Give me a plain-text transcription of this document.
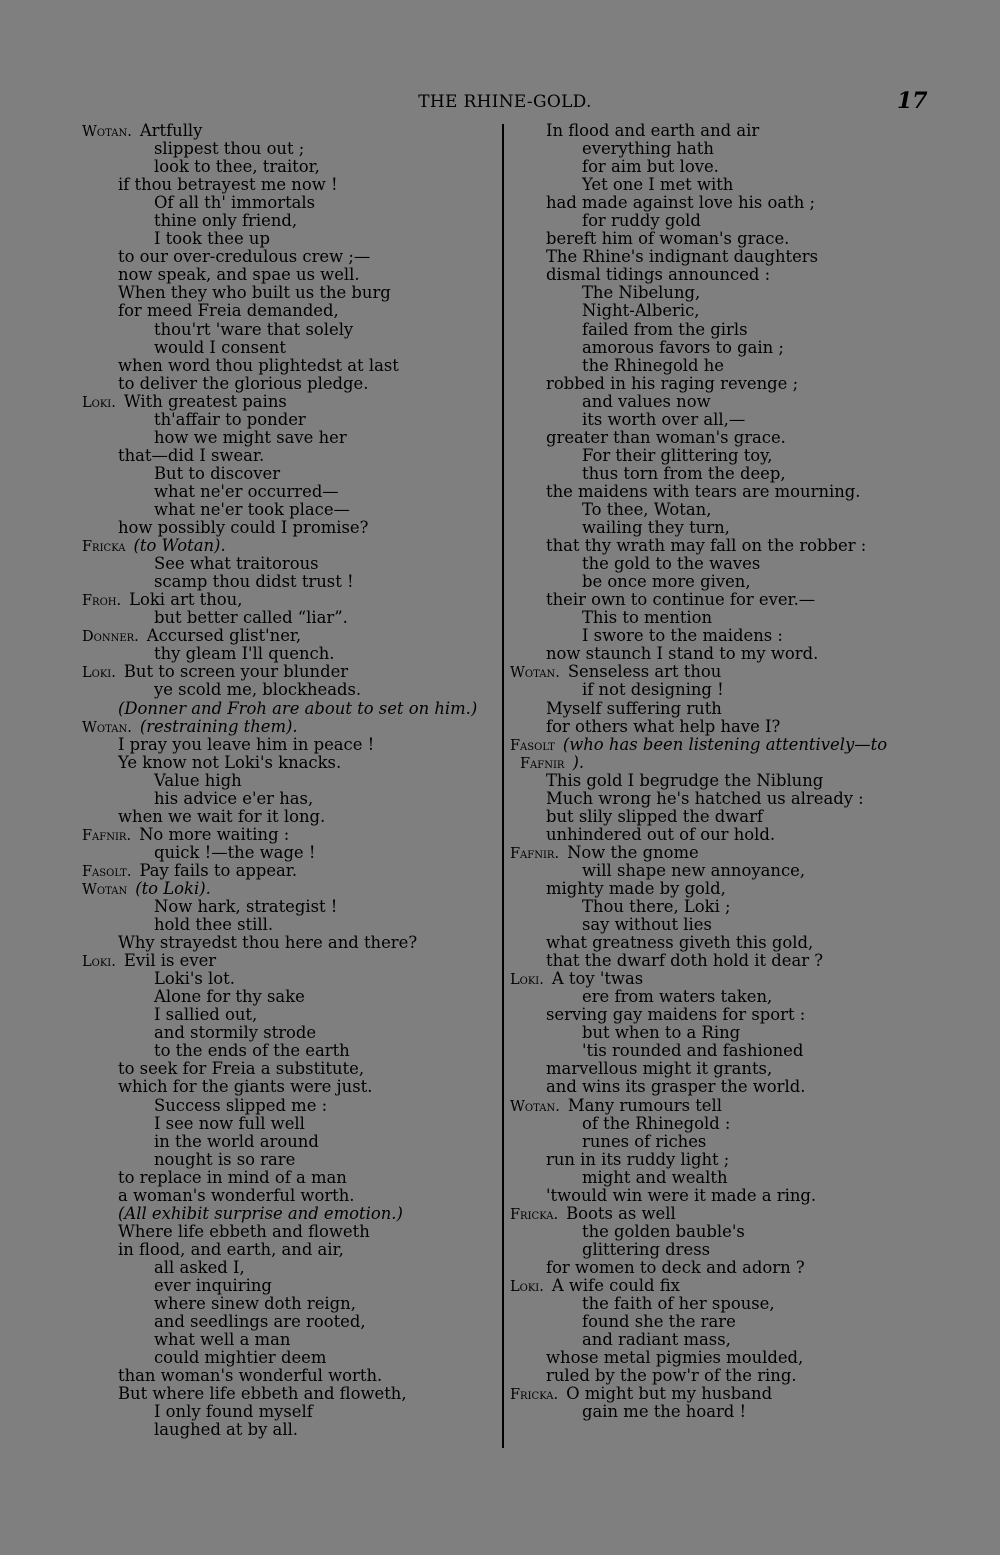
THE RHINE-GOLD.	17
Wotan. Artfully
slippest thou out ;
look to thee, traitor,
if thou betrayest me now !
Of all th' immortals
thine only friend,
I took thee up
to our over-credulous crew ;—
now speak, and spae us well.
When they who built us the burg
for meed Freia demanded,
thou'rt 'ware that solely
would I consent
when word thou plightedst at last
to deliver the glorious pledge.
Loki. With greatest pains
th'affair to ponder
how we might save her
that—did I swear.
But to discover
what ne'er occurred—
what ne'er took place—
how possibly could I promise?
Fricka (to Wotan).
See what traitorous
scamp thou didst trust !
Froh. Loki art thou,
but better called “liar”.
Donner. Accursed glist'ner,
thy gleam I'll quench.
Loki. But to screen your blunder
ye scold me, blockheads.
(Donner and Froh are about to set on him.)
Wotan. (restraining them).
I pray you leave him in peace !
Ye know not Loki's knacks.
Value high
his advice e'er has,
when we wait for it long.
Fafnir. No more waiting :
quick !—the wage !
Fasolt. Pay fails to appear.
Wotan (to Loki).
Now hark, strategist !
hold thee still.
Why strayedst thou here and there?
Loki. Evil is ever
Loki's lot.
Alone for thy sake
I sallied out,
and stormily strode
to the ends of the earth
to seek for Freia a substitute,
which for the giants were just.
Success slipped me :
I see now full well
in the world around
nought is so rare
to replace in mind of a man
a woman's wonderful worth.
(All exhibit surprise and emotion.)
Where life ebbeth and floweth
in flood, and earth, and air,
all asked I,
ever inquiring
where sinew doth reign,
and seedlings are rooted,
what well a man
could mightier deem
than woman's wonderful worth.
But where life ebbeth and floweth,
I only found myself
laughed at by all.
In flood and earth and air
everything hath
for aim but love.
Yet one I met with
had made against love his oath ;
for ruddy gold
bereft him of woman's grace.
The Rhine's indignant daughters
dismal tidings announced :
The Nibelung,
Night-Alberic,
failed from the girls
amorous favors to gain ;
the Rhinegold he
robbed in his raging revenge ;
and values now
its worth over all,—
greater than woman's grace.
For their glittering toy,
thus torn from the deep,
the maidens with tears are mourning.
To thee, Wotan,
wailing they turn,
that thy wrath may fall on the robber :
the gold to the waves
be once more given,
their own to continue for ever.—
This to mention
I swore to the maidens :
now staunch I stand to my word.
Wotan. Senseless art thou
if not designing !
Myself suffering ruth
for others what help have I?
Fasolt (who has been listening attentively—to
Fafnir ).
This gold I begrudge the Niblung
Much wrong he's hatched us already :
but slily slipped the dwarf
unhindered out of our hold.
Fafnir. Now the gnome
will shape new annoyance,
mighty made by gold,
Thou there, Loki ;
say without lies
what greatness giveth this gold,
that the dwarf doth hold it dear ?
Loki. A toy 'twas
ere from waters taken,
serving gay maidens for sport :
but when to a Ring
'tis rounded and fashioned
marvellous might it grants,
and wins its grasper the world.
Wotan. Many rumours tell
of the Rhinegold :
runes of riches
run in its ruddy light ;
might and wealth
'twould win were it made a ring.
Fricka. Boots as well
the golden bauble's
glittering dress
for women to deck and adorn ?
Loki. A wife could fix
the faith of her spouse,
found she the rare
and radiant mass,
whose metal pigmies moulded,
ruled by the pow'r of the ring.
Fricka. O might but my husband
gain me the hoard !
